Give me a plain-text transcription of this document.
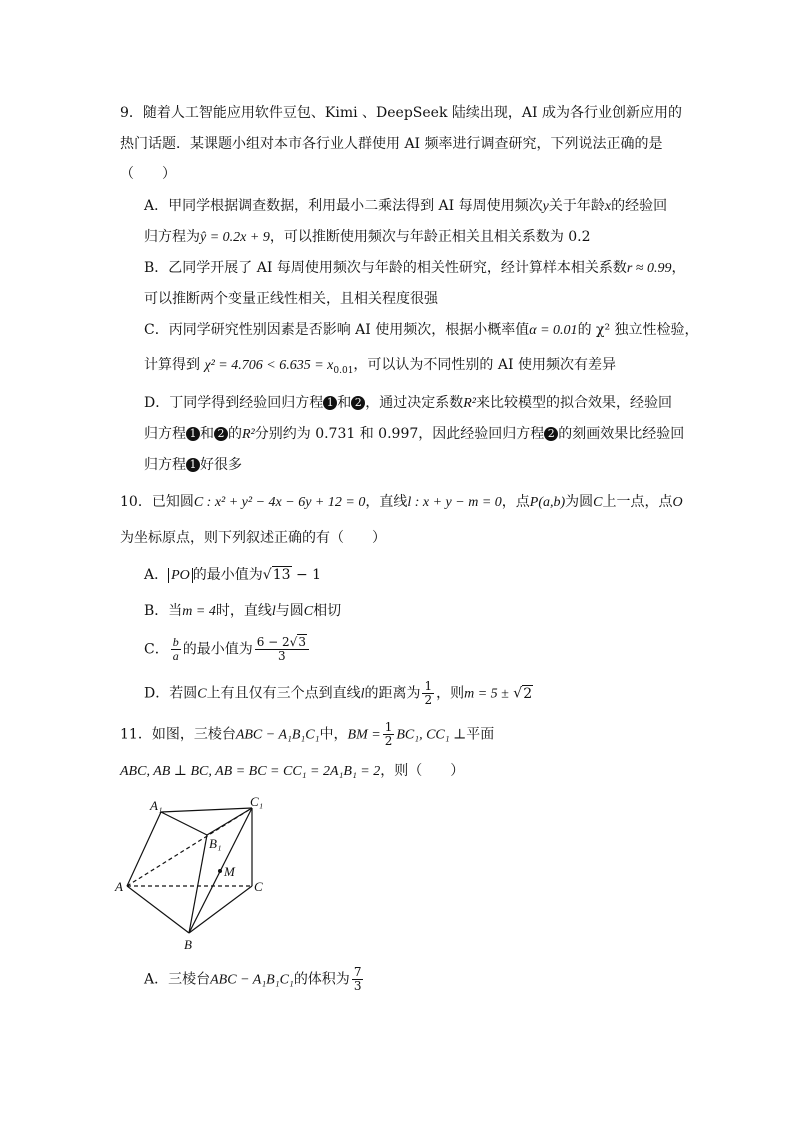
9．随着人工智能应用软件豆包、Kimi 、DeepSeek 陆续出现，AI 成为各行业创新应用的
热门话题．某课题小组对本市各行业人群使用 AI 频率进行调查研究，下列说法正确的是
（　　）
A．甲同学根据调查数据，利用最小二乘法得到 AI 每周使用频次y关于年龄x的经验回
归方程为ŷ = 0.2x + 9，可以推断使用频次与年龄正相关且相关系数为 0.2
B．乙同学开展了 AI 每周使用频次与年龄的相关性研究，经计算样本相关系数r ≈ 0.99，
可以推断两个变量正线性相关，且相关程度很强
C．丙同学研究性别因素是否影响 AI 使用频次，根据小概率值α = 0.01的 χ² 独立性检验，
计算得到 $\chi^2 = 4.706 < 6.635 = x_{0.01}$，可以认为不同性别的 AI 使用频次有差异
D．丁同学得到经验回归方程 1 和 2 ，通过决定系数R²来比较模型的拟合效果，经验回
归方程 1 和 2 的R²分别约为 0.731 和 0.997，因此经验回归方程 2 的刻画效果比经验回
归方程 1 好很多
10．已知圆C : x² + y² − 4x − 6y + 12 = 0，直线l : x + y − m = 0，点P(a,b)为圆C上一点，点O
为坐标原点，则下列叙述正确的有（　　）
A． PO 的最小值为√13 − 1
B．当m = 4时，直线l与圆C相切
C． $\frac{b}{a}$ 的最小值为 $\frac{6 - 2√3}{3}$
D．若圆C上有且仅有三个点到直线l的距离为 $\frac{1}{2}$ ，则m = 5 ± √2
11．如图，三棱台ABC − A₁B₁C₁中，BM = $\frac{1}{2} BC_1$, CC₁ ⊥平面
ABC, AB ⊥ BC, AB = BC = CC₁ = 2A₁B₁ = 2，则（　　）
A₁	C₁
B₁
M
A	C
B
A．三棱台ABC − A₁B₁C₁的体积为 $\frac{7}{3}$
